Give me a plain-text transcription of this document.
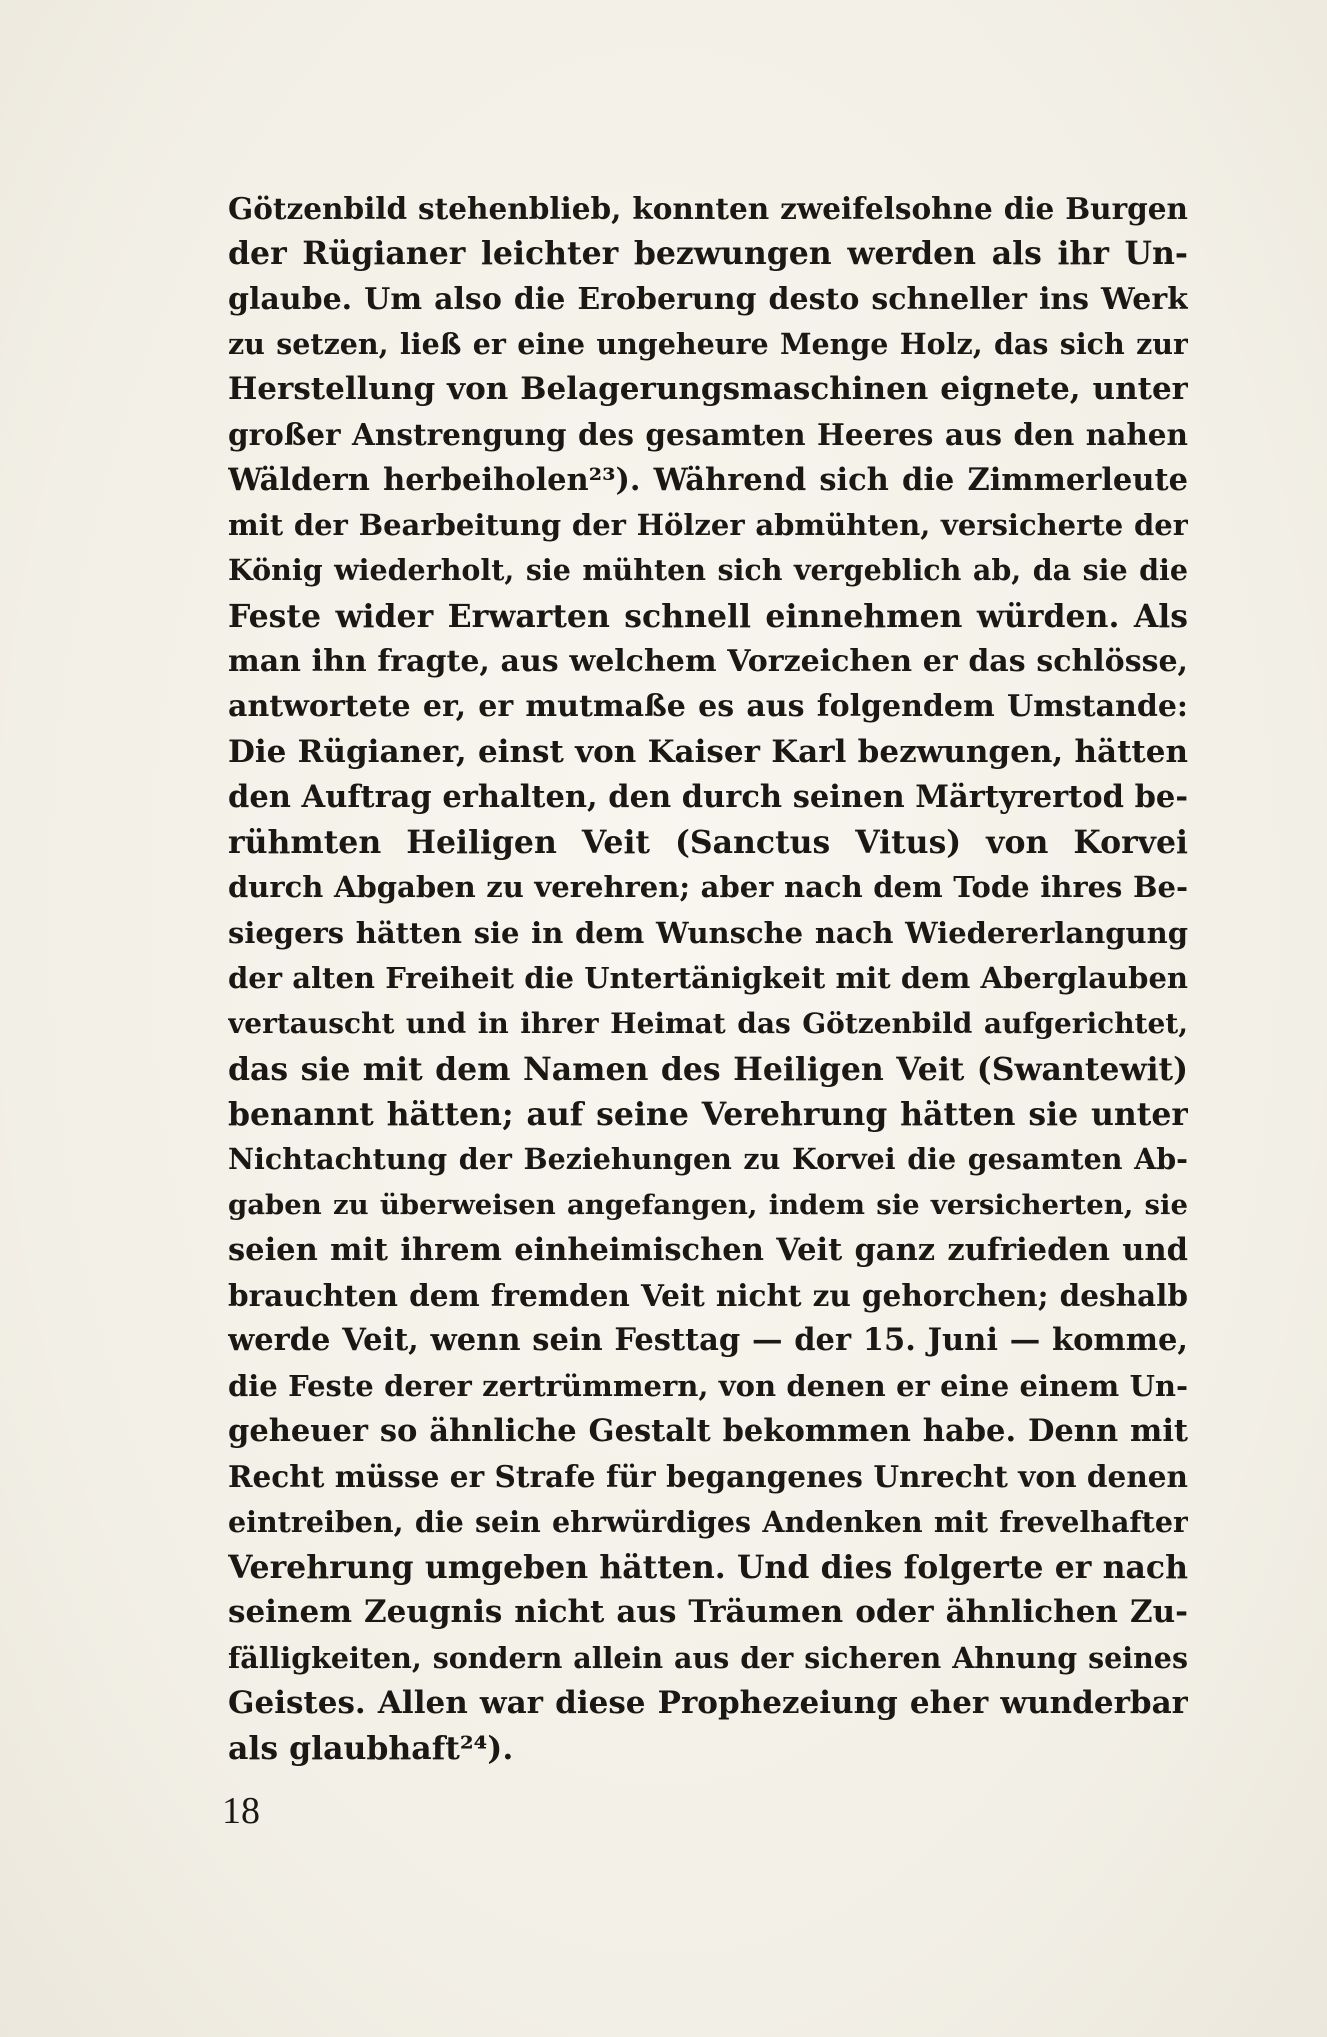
Götzenbild stehenblieb, konnten zweifelsohne die Burgen
der Rügianer leichter bezwungen werden als ihr Un-
glaube. Um also die Eroberung desto schneller ins Werk
zu setzen, ließ er eine ungeheure Menge Holz, das sich zur
Herstellung von Belagerungsmaschinen eignete, unter
großer Anstrengung des gesamten Heeres aus den nahen
Wäldern herbeiholen²³). Während sich die Zimmerleute
mit der Bearbeitung der Hölzer abmühten, versicherte der
König wiederholt, sie mühten sich vergeblich ab, da sie die
Feste wider Erwarten schnell einnehmen würden. Als
man ihn fragte, aus welchem Vorzeichen er das schlösse,
antwortete er, er mutmaße es aus folgendem Umstande:
Die Rügianer, einst von Kaiser Karl bezwungen, hätten
den Auftrag erhalten, den durch seinen Märtyrertod be-
rühmten Heiligen Veit (Sanctus Vitus) von Korvei
durch Abgaben zu verehren; aber nach dem Tode ihres Be-
siegers hätten sie in dem Wunsche nach Wiedererlangung
der alten Freiheit die Untertänigkeit mit dem Aberglauben
vertauscht und in ihrer Heimat das Götzenbild aufgerichtet,
das sie mit dem Namen des Heiligen Veit (Swantewit)
benannt hätten; auf seine Verehrung hätten sie unter
Nichtachtung der Beziehungen zu Korvei die gesamten Ab-
gaben zu überweisen angefangen, indem sie versicherten, sie
seien mit ihrem einheimischen Veit ganz zufrieden und
brauchten dem fremden Veit nicht zu gehorchen; deshalb
werde Veit, wenn sein Festtag — der 15. Juni — komme,
die Feste derer zertrümmern, von denen er eine einem Un-
geheuer so ähnliche Gestalt bekommen habe. Denn mit
Recht müsse er Strafe für begangenes Unrecht von denen
eintreiben, die sein ehrwürdiges Andenken mit frevelhafter
Verehrung umgeben hätten. Und dies folgerte er nach
seinem Zeugnis nicht aus Träumen oder ähnlichen Zu-
fälligkeiten, sondern allein aus der sicheren Ahnung seines
Geistes. Allen war diese Prophezeiung eher wunderbar
als glaubhaft²⁴).
18
